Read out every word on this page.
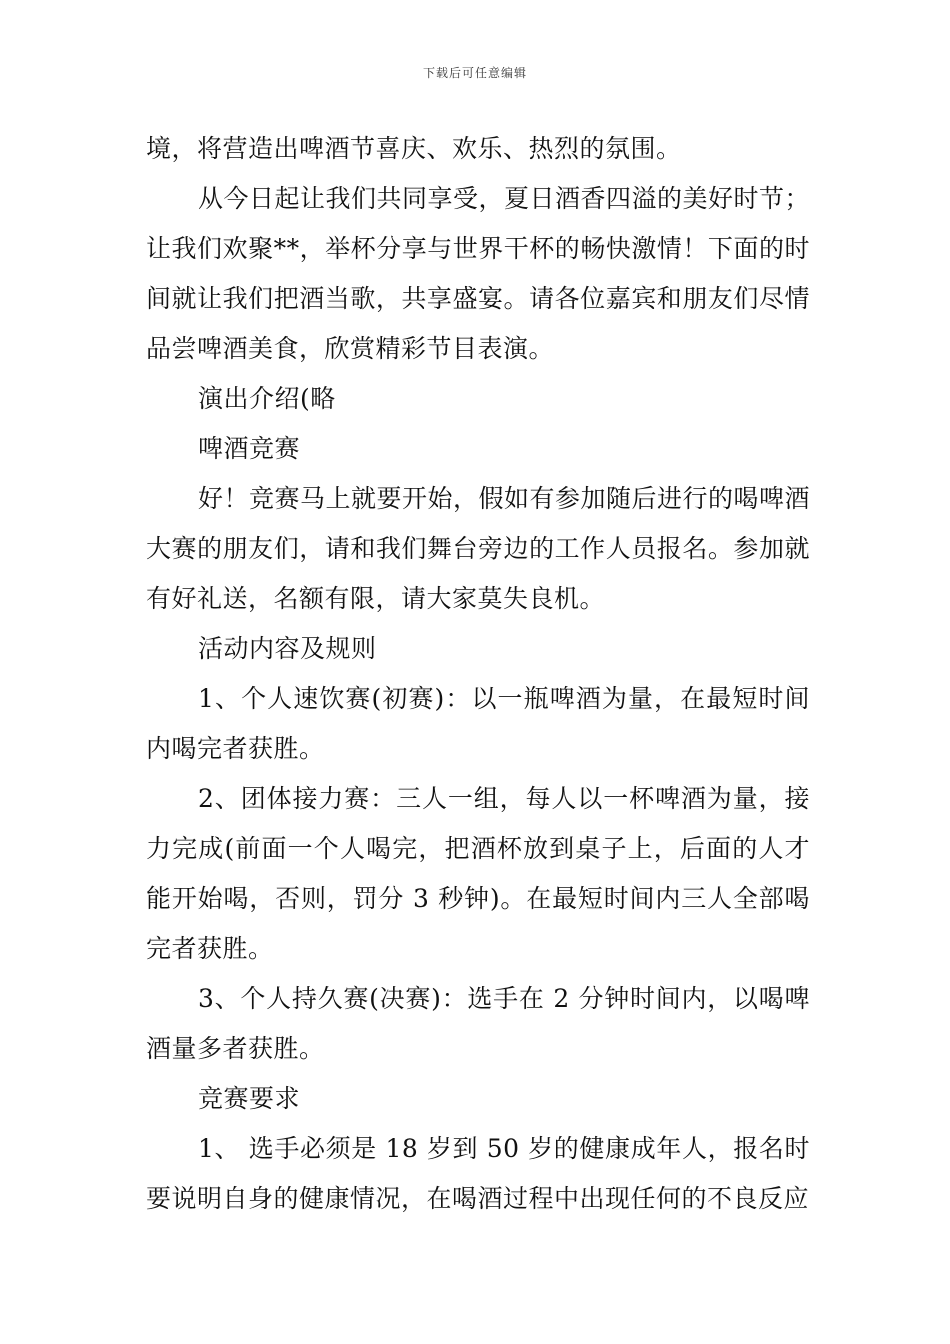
下载后可任意编辑

境，将营造出啤酒节喜庆、欢乐、热烈的氛围。

从今日起让我们共同享受，夏日酒香四溢的美好时节；让我们欢聚**，举杯分享与世界干杯的畅快激情！下面的时间就让我们把酒当歌，共享盛宴。请各位嘉宾和朋友们尽情品尝啤酒美食，欣赏精彩节目表演。

演出介绍(略

啤酒竞赛

好！竞赛马上就要开始，假如有参加随后进行的喝啤酒大赛的朋友们，请和我们舞台旁边的工作人员报名。参加就有好礼送，名额有限，请大家莫失良机。

活动内容及规则

1、个人速饮赛(初赛)：以一瓶啤酒为量，在最短时间内喝完者获胜。

2、团体接力赛：三人一组，每人以一杯啤酒为量，接力完成(前面一个人喝完，把酒杯放到桌子上，后面的人才能开始喝，否则，罚分 3 秒钟)。在最短时间内三人全部喝完者获胜。

3、个人持久赛(决赛)：选手在 2 分钟时间内，以喝啤酒量多者获胜。

竞赛要求

1、 选手必须是 18 岁到 50 岁的健康成年人，报名时要说明自身的健康情况，在喝酒过程中出现任何的不良反应
